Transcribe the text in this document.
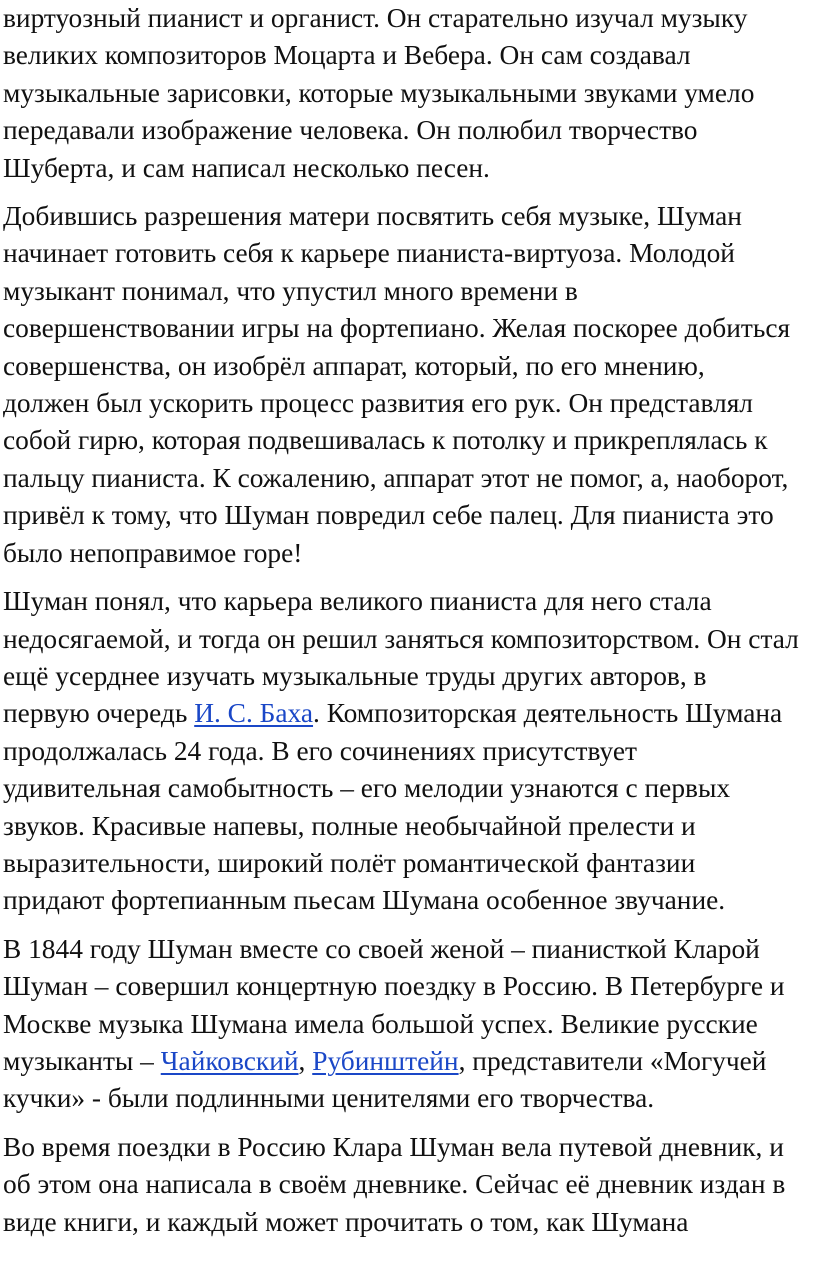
виртуозный пианист и органист. Он старательно изучал музыку
великих композиторов Моцарта и Вебера. Он сам создавал
музыкальные зарисовки, которые музыкальными звуками умело
передавали изображение человека. Он полюбил творчество
Шуберта, и сам написал несколько песен.

Добившись разрешения матери посвятить себя музыке, Шуман
начинает готовить себя к карьере пианиста-виртуоза. Молодой
музыкант понимал, что упустил много времени в
совершенствовании игры на фортепиано. Желая поскорее добиться
совершенства, он изобрёл аппарат, который, по его мнению,
должен был ускорить процесс развития его рук. Он представлял
собой гирю, которая подвешивалась к потолку и прикреплялась к
пальцу пианиста. К сожалению, аппарат этот не помог, а, наоборот,
привёл к тому, что Шуман повредил себе палец. Для пианиста это
было непоправимое горе!

Шуман понял, что карьера великого пианиста для него стала
недосягаемой, и тогда он решил заняться композиторством. Он стал
ещё усерднее изучать музыкальные труды других авторов, в
первую очередь И. С. Баха. Композиторская деятельность Шумана
продолжалась 24 года. В его сочинениях присутствует
удивительная самобытность – его мелодии узнаются с первых
звуков. Красивые напевы, полные необычайной прелести и
выразительности, широкий полёт романтической фантазии
придают фортепианным пьесам Шумана особенное звучание.

В 1844 году Шуман вместе со своей женой – пианисткой Кларой
Шуман – совершил концертную поездку в Россию. В Петербурге и
Москве музыка Шумана имела большой успех. Великие русские
музыканты – Чайковский, Рубинштейн, представители «Могучей
кучки» - были подлинными ценителями его творчества.

Во время поездки в Россию Клара Шуман вела путевой дневник, и
об этом она написала в своём дневнике. Сейчас её дневник издан в
виде книги, и каждый может прочитать о том, как Шумана
